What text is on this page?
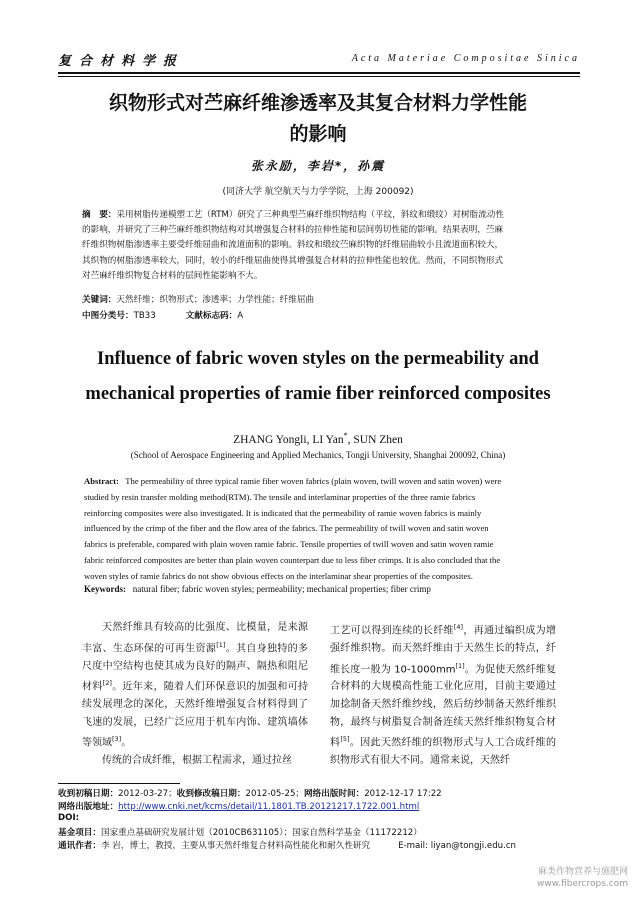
复合材料学报	Acta Materiae Compositae Sinica
织物形式对苎麻纤维渗透率及其复合材料力学性能
的影响
张永励，李岩*，孙震
(同济大学 航空航天与力学学院，上海 200092)
摘　要：采用树脂传递模塑工艺（RTM）研究了三种典型苎麻纤维织物结构（平纹，斜纹和缎纹）对树脂流动性
的影响，并研究了三种苎麻纤维织物结构对其增强复合材料的拉伸性能和层间剪切性能的影响。结果表明，苎麻
纤维织物树脂渗透率主要受纤维屈曲和流道面积的影响。斜纹和缎纹苎麻织物的纤维屈曲较小且流道面积较大，
其织物的树脂渗透率较大，同时，较小的纤维屈曲使得其增强复合材料的拉伸性能也较优。然而，不同织物形式
对苎麻纤维织物复合材料的层间性能影响不大。
关键词：天然纤维；织物形式；渗透率；力学性能；纤维屈曲
中图分类号：TB33	文献标志码：A
Influence of fabric woven styles on the permeability and
mechanical properties of ramie fiber reinforced composites
ZHANG Yongli, LI Yan*, SUN Zhen
(School of Aerospace Engineering and Applied Mechanics, Tongji University, Shanghai 200092, China)
Abstract: The permeability of three typical ramie fiber woven fabrics (plain woven, twill woven and satin woven) were
studied by resin transfer molding method(RTM). The tensile and interlaminar properties of the three ramie fabrics
reinforcing composites were also investigated. It is indicated that the permeability of ramie woven fabrics is mainly
influenced by the crimp of the fiber and the flow area of the fabrics. The permeability of twill woven and satin woven
fabrics is preferable, compared with plain woven ramie fabric. Tensile properties of twill woven and satin woven ramie
fabric reinforced composites are better than plain woven counterpart due to less fiber crimps. It is also concluded that the
woven styles of ramie fabrics do not show obvious effects on the interlaminar shear properties of the composites.
Keywords: natural fiber; fabric woven styles; permeability; mechanical properties; fiber crimp

天然纤维具有较高的比强度、比模量，是来源丰富、生态环保的可再生资源[1]。其自身独特的多尺度中空结构也使其成为良好的隔声、隔热和阻尼材料[2]。近年来，随着人们环保意识的加强和可持续发展理念的深化，天然纤维增强复合材料得到了飞速的发展，已经广泛应用于机车内饰、建筑墙体等领域[3]。

传统的合成纤维，根据工程需求，通过拉丝

工艺可以得到连续的长纤维[4]，再通过编织成为增强纤维织物。而天然纤维由于天然生长的特点，纤维长度一般为 10-1000mm[1]。为促使天然纤维复合材料的大规模高性能工业化应用，目前主要通过加捻制备天然纤维纱线，然后纺纱制备天然纤维织物，最终与树脂复合制备连续天然纤维织物复合材料[5]。因此天然纤维的织物形式与人工合成纤维的织物形式有很大不同。通常来说，天然纤

收到初稿日期：2012-03-27；收到修改稿日期：2012-05-25；网络出版时间：2012-12-17 17:22
网络出版地址：http://www.cnki.net/kcms/detail/11.1801.TB.20121217.1722.001.html
DOI:
基金项目：国家重点基础研究发展计划（2010CB631105）；国家自然科学基金（11172212）
通讯作者：李 岩，博士，教授，主要从事天然纤维复合材料高性能化和耐久性研究	E-mail: liyan@tongji.edu.cn
麻类作物营养与施肥网
www.fibercrops.com
